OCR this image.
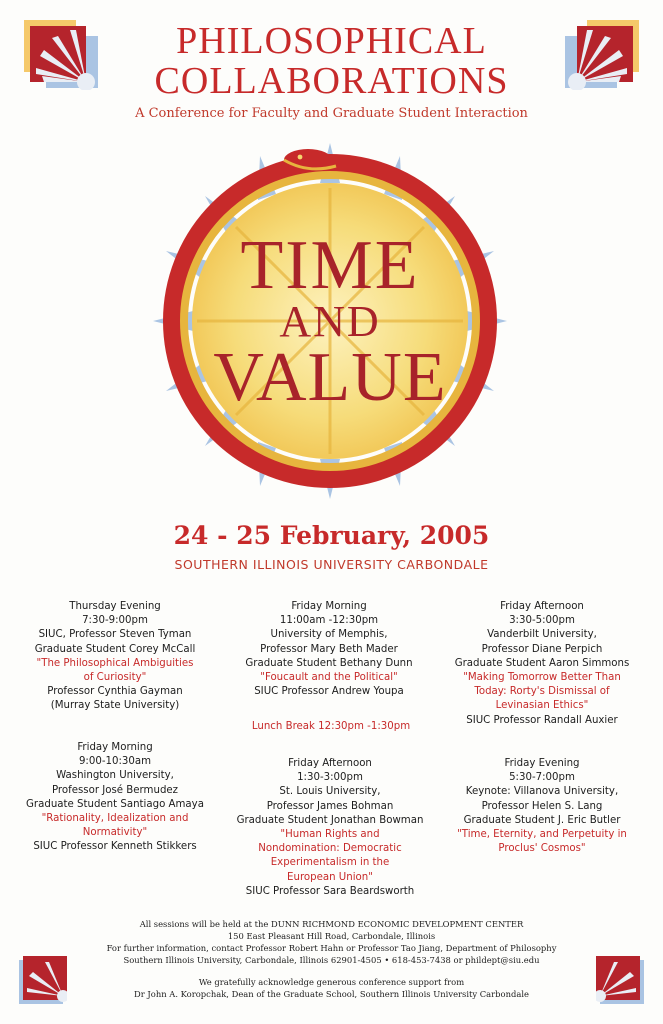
PHILOSOPHICAL
COLLABORATIONS
A Conference for Faculty and Graduate Student Interaction
TIME
AND
VALUE
24 - 25 February, 2005
SOUTHERN ILLINOIS UNIVERSITY CARBONDALE
Thursday Evening
7:30-9:00pm
SIUC, Professor Steven Tyman
Graduate Student Corey McCall
"The Philosophical Ambiguities
of Curiosity"
Professor Cynthia Gayman
(Murray State University)
Friday Morning
11:00am -12:30pm
University of Memphis,
Professor Mary Beth Mader
Graduate Student Bethany Dunn
"Foucault and the Political"
SIUC Professor Andrew Youpa
Lunch Break 12:30pm -1:30pm
Friday Afternoon
3:30-5:00pm
Vanderbilt University,
Professor Diane Perpich
Graduate Student Aaron Simmons
"Making Tomorrow Better Than
Today: Rorty's Dismissal of
Levinasian Ethics"
SIUC Professor Randall Auxier
Friday Morning
9:00-10:30am
Washington University,
Professor José Bermudez
Graduate Student Santiago Amaya
"Rationality, Idealization and
Normativity"
SIUC Professor Kenneth Stikkers
Friday Afternoon
1:30-3:00pm
St. Louis University,
Professor James Bohman
Graduate Student Jonathan Bowman
"Human Rights and
Nondomination: Democratic
Experimentalism in the
European Union"
SIUC Professor Sara Beardsworth
Friday Evening
5:30-7:00pm
Keynote: Villanova University,
Professor Helen S. Lang
Graduate Student J. Eric Butler
"Time, Eternity, and Perpetuity in
Proclus' Cosmos"
All sessions will be held at the DUNN RICHMOND ECONOMIC DEVELOPMENT CENTER
150 East Pleasant Hill Road, Carbondale, Illinois
For further information, contact Professor Robert Hahn or Professor Tao Jiang, Department of Philosophy
Southern Illinois University, Carbondale, Illinois 62901-4505 • 618-453-7438 or phildept@siu.edu
We gratefully acknowledge generous conference support from
Dr John A. Koropchak, Dean of the Graduate School, Southern Illinois University Carbondale
